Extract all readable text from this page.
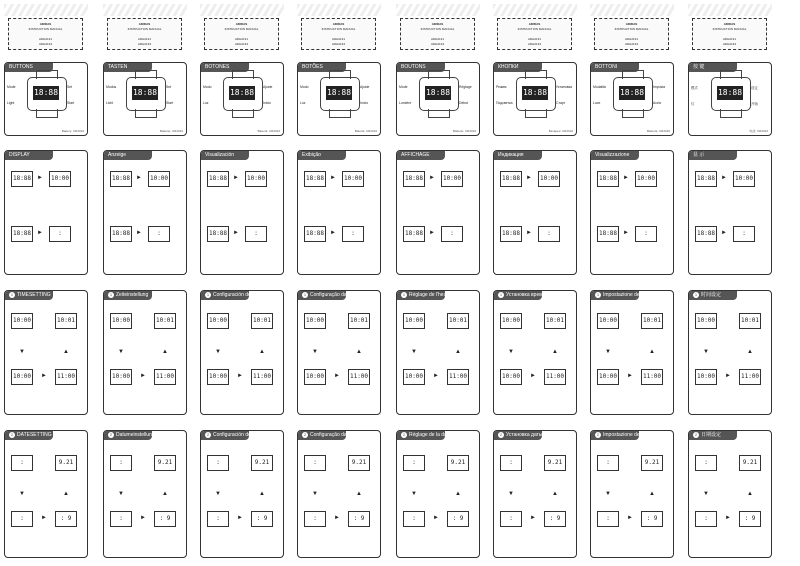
ADIDAS
INSTRUCTION MANUAL
ADH2131
ADH2133
BUTTONS
18:88
Mode
Light
Set
Start
Battery: CR2016
DISPLAY
18:88 ►	10:00
18:88 ►	:
1 TIMESETTING
10:00	10:01
10:00	11:00
▼	▲
►
2 DATESETTING
:	9.21
:	: 9
▼	▲
►
ADIDAS
INSTRUCTION MANUAL
ADH2131
ADH2133
TASTEN
18:88
Modus
Licht
Set
Start
Batterie: CR2016
Anzeige
18:88 ►	10:00
18:88 ►	:
1 Zeiteinstellung
10:00	10:01
10:00	11:00
▼	▲
►
2 Datumeinstellung
:	9.21
:	: 9
▼	▲
►
ADIDAS
INSTRUCTION MANUAL
ADH2131
ADH2133
BOTONES
18:88
Modo
Luz
Ajuste
Inicio
Batería: CR2016
Visualización
18:88 ►	10:00
18:88 ►	:
1 Configuración de hora
10:00	10:01
10:00	11:00
▼	▲
►
2 Configuración de fecha
:	9.21
:	: 9
▼	▲
►
ADIDAS
INSTRUCTION MANUAL
ADH2131
ADH2133
BOTÕES
18:88
Modo
Luz
Ajuste
Início
Bateria: CR2016
Exibição
18:88 ►	10:00
18:88 ►	:
1 Configuração da hora
10:00	10:01
10:00	11:00
▼	▲
►
2 Configuração da data
:	9.21
:	: 9
▼	▲
►
ADIDAS
INSTRUCTION MANUAL
ADH2131
ADH2133
BOUTONS
18:88
Mode
Lumière
Réglage
Début
Batterie: CR2016
AFFICHAGE
18:88 ►	10:00
18:88 ►	:
1 Réglage de l'heure
10:00	10:01
10:00	11:00
▼	▲
►
2 Réglage de la date
:	9.21
:	: 9
▼	▲
►
ADIDAS
INSTRUCTION MANUAL
ADH2131
ADH2133
КНОПКИ
18:88
Режим
Подсветка
Установка
Старт
Батарея: CR2016
Индикация
18:88 ►	10:00
18:88 ►	:
1 Установка времени
10:00	10:01
10:00	11:00
▼	▲
►
2 Установка даты
:	9.21
:	: 9
▼	▲
►
ADIDAS
INSTRUCTION MANUAL
ADH2131
ADH2133
BOTTONI
18:88
Modalità
Luce
Imposta
Avvio
Batteria: CR2016
Visualizzazione
18:88 ►	10:00
18:88 ►	:
1 Impostazione dell'ora
10:00	10:01
10:00	11:00
▼	▲
►
2 Impostazione della data
:	9.21
:	: 9
▼	▲
►
ADIDAS
INSTRUCTION MANUAL
ADH2131
ADH2133
按 键
18:88
模式
灯
设定
开始
电池: CR2016
显 示
18:88 ►	10:00
18:88 ►	:
1 时间设定
10:00	10:01
10:00	11:00
▼	▲
►
2 日期设定
:	9.21
:	: 9
▼	▲
►
